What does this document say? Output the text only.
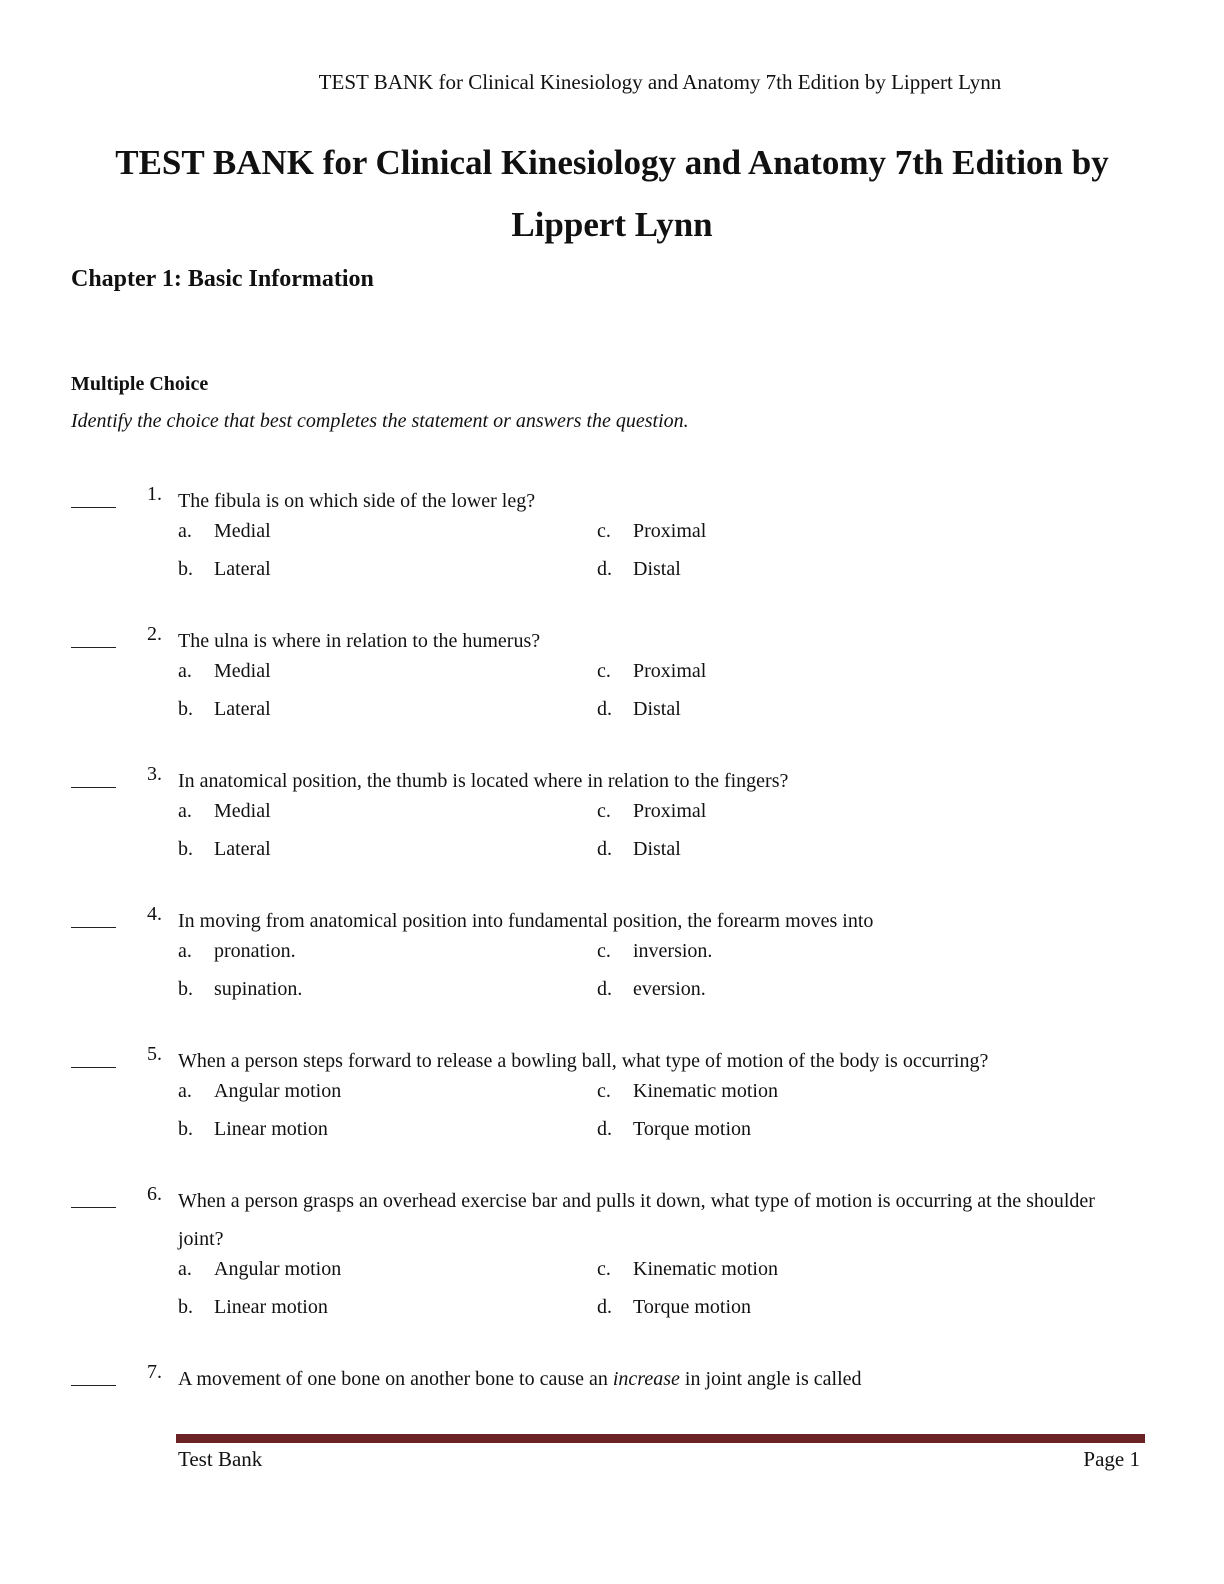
TEST BANK for Clinical Kinesiology and Anatomy 7th Edition by Lippert Lynn
TEST BANK for Clinical Kinesiology and Anatomy 7th Edition by
Lippert Lynn
Chapter 1: Basic Information
Multiple Choice
Identify the choice that best completes the statement or answers the question.
1. The fibula is on which side of the lower leg?
a. Medial	c. Proximal
b. Lateral	d. Distal
2. The ulna is where in relation to the humerus?
a. Medial	c. Proximal
b. Lateral	d. Distal
3. In anatomical position, the thumb is located where in relation to the fingers?
a. Medial	c. Proximal
b. Lateral	d. Distal
4. In moving from anatomical position into fundamental position, the forearm moves into
a. pronation.	c. inversion.
b. supination.	d. eversion.
5. When a person steps forward to release a bowling ball, what type of motion of the body is occurring?
a. Angular motion	c. Kinematic motion
b. Linear motion	d. Torque motion
6. When a person grasps an overhead exercise bar and pulls it down, what type of motion is occurring at the shoulder joint?
a. Angular motion	c. Kinematic motion
b. Linear motion	d. Torque motion
7. A movement of one bone on another bone to cause an increase in joint angle is called
Test Bank	Page 1
